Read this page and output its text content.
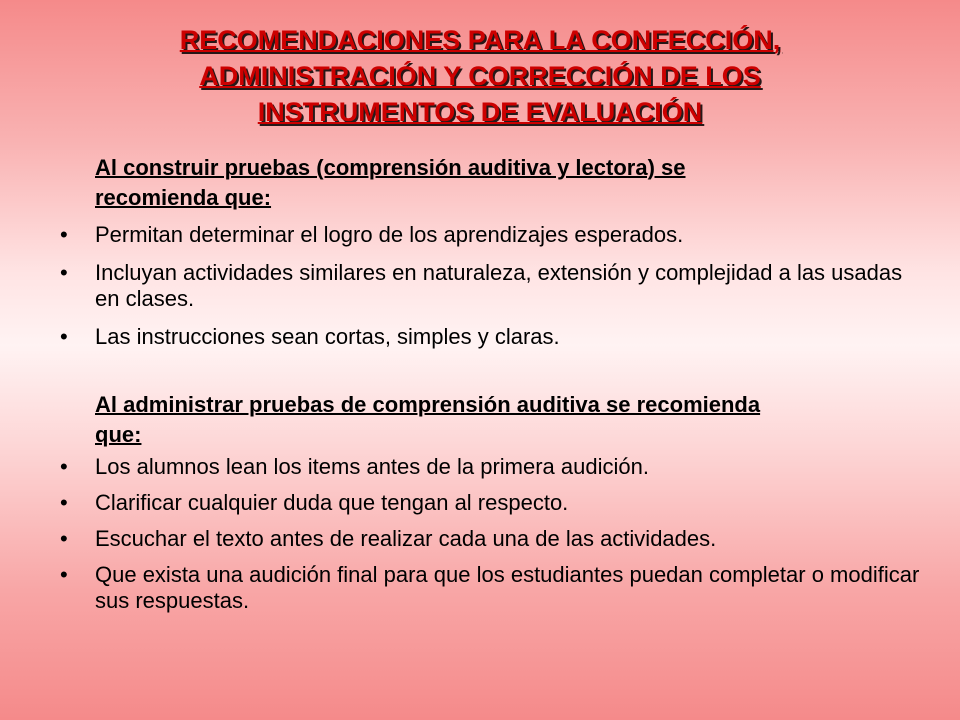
RECOMENDACIONES PARA LA CONFECCIÓN,
ADMINISTRACIÓN Y CORRECCIÓN DE LOS
INSTRUMENTOS DE EVALUACIÓN

Al construir pruebas (comprensión auditiva y lectora) se
recomienda que:

• Permitan determinar el logro de los aprendizajes esperados.
• Incluyan actividades similares en naturaleza, extensión y complejidad a las usadas en clases.
• Las instrucciones sean cortas, simples y claras.

Al administrar pruebas de comprensión auditiva se recomienda
que:

• Los alumnos lean los items antes de la primera audición.
• Clarificar cualquier duda que tengan al respecto.
• Escuchar el texto antes de realizar cada una de las actividades.
• Que exista una audición final para que los estudiantes puedan completar o modificar sus respuestas.
